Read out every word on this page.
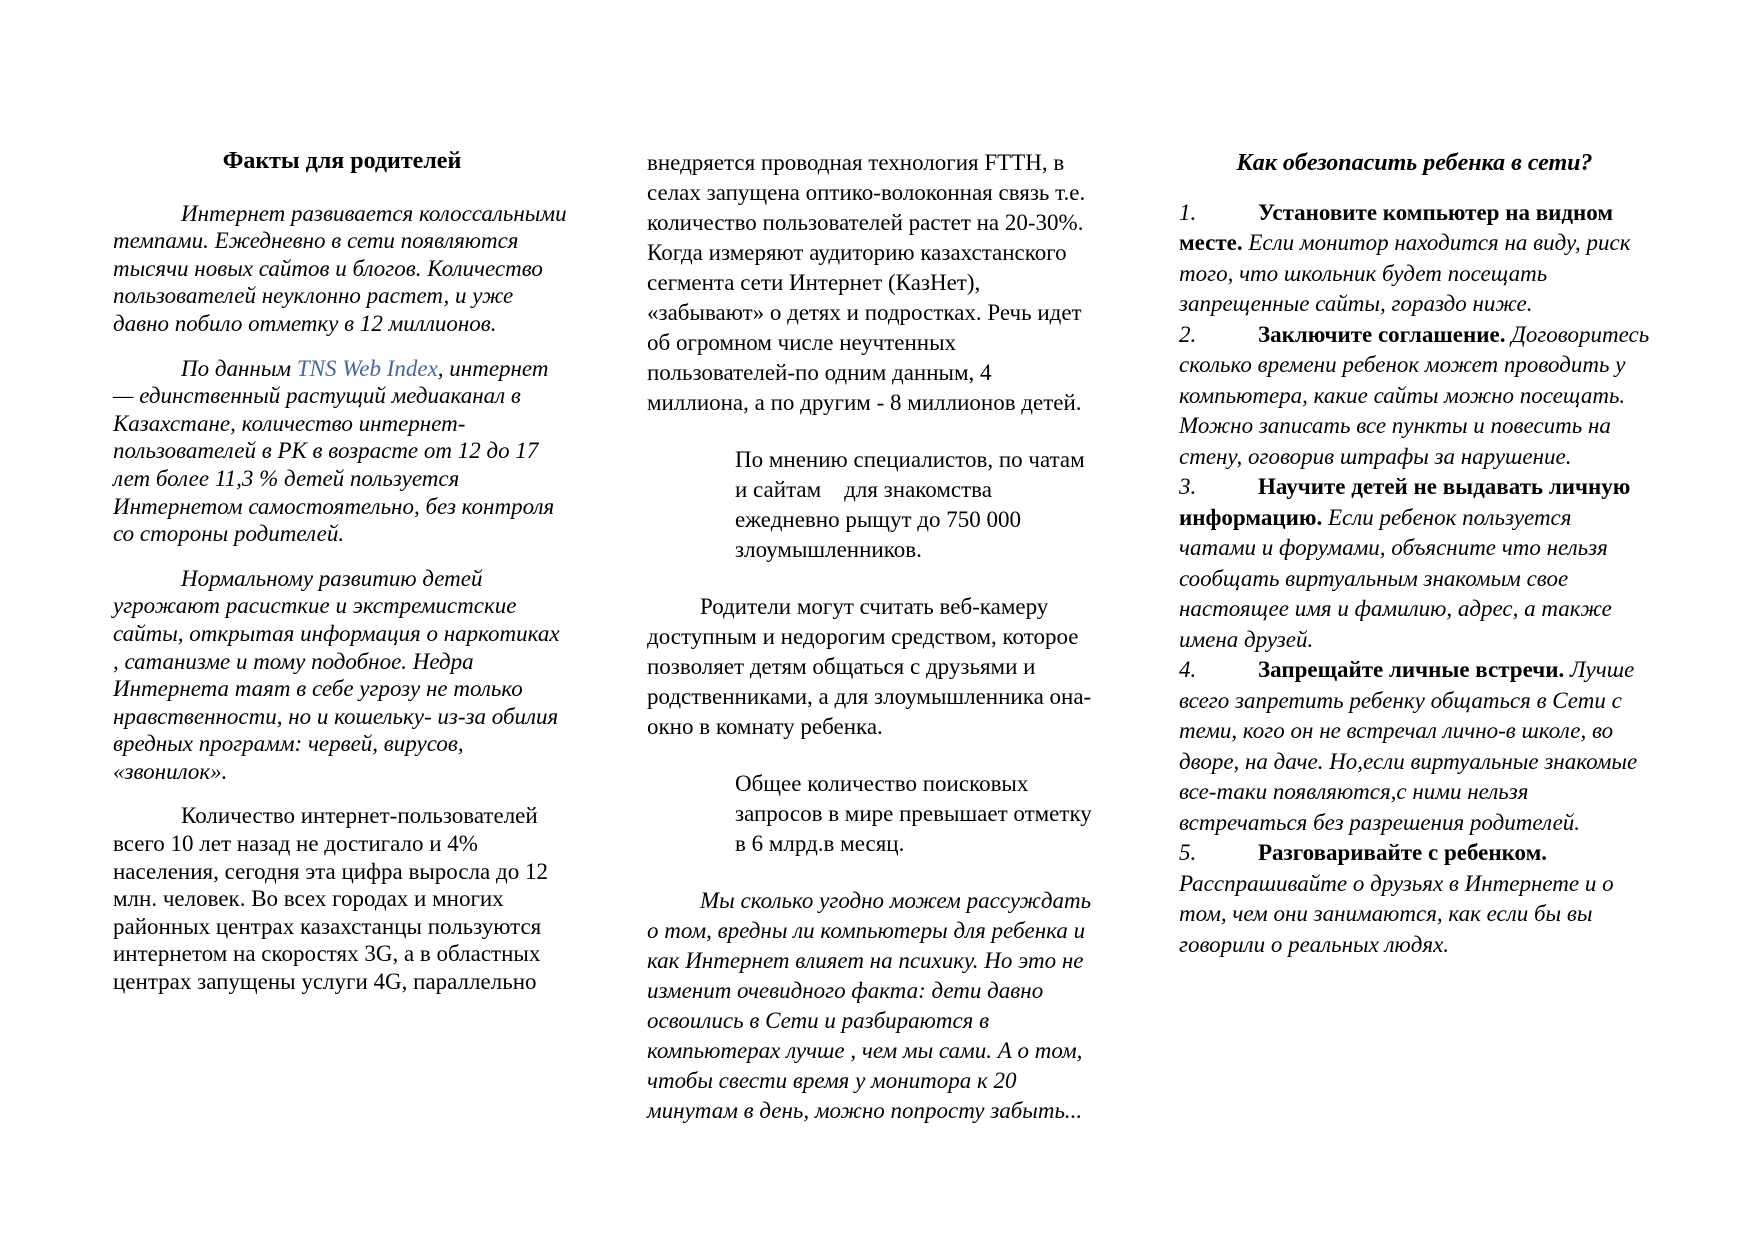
Факты для родителей

Интернет развивается колоссальными темпами. Ежедневно в сети появляются тысячи новых сайтов и блогов. Количество пользователей неуклонно растет, и уже давно побило отметку в 12 миллионов.

По данным TNS Web Index, интернет — единственный растущий медиаканал в Казахстане, количество интернет-пользователей в РК в возрасте от 12 до 17 лет более 11,3 % детей пользуется Интернетом самостоятельно, без контроля со стороны родителей.

Нормальному развитию детей угрожают расисткие и экстремистские сайты, открытая информация о наркотиках , сатанизме и тому подобное. Недра Интернета таят в себе угрозу не только нравственности, но и кошельку- из-за обилия вредных программ: червей, вирусов, «звонилок».

Количество интернет-пользователей всего 10 лет назад не достигало и 4% населения, сегодня эта цифра выросла до 12 млн. человек. Во всех городах и многих районных центрах казахстанцы пользуются интернетом на скоростях 3G, а в областных центрах запущены услуги 4G, параллельно

внедряется проводная технология FTTH, в селах запущена оптико-волоконная связь т.е. количество пользователей растет на 20-30%. Когда измеряют аудиторию казахстанского сегмента сети Интернет (КазНет), «забывают» о детях и подростках. Речь идет об огромном числе неучтенных пользователей-по одним данным, 4 миллиона, а по другим - 8 миллионов детей.

По мнению специалистов, по чатам и сайтам    для знакомства ежедневно рыщут до 750 000 злоумышленников.

Родители могут считать веб-камеру доступным и недорогим средством, которое позволяет детям общаться с друзьями и родственниками, а для злоумышленника она- окно в комнату ребенка.

Общее количество поисковых запросов в мире превышает отметку в 6 млрд.в месяц.

Мы сколько угодно можем рассуждать о том, вредны ли компьютеры для ребенка и как Интернет влияет на психику. Но это не изменит очевидного факта: дети давно освоились в Сети и разбираются в компьютерах лучше , чем мы сами. А о том, чтобы свести время у монитора к 20 минутам в день, можно попросту забыть...

Как обезопасить ребенка в сети?

1.	Установите компьютер на видном месте. Если монитор находится на виду, риск того, что школьник будет посещать запрещенные сайты, гораздо ниже.

2.	Заключите соглашение. Договоритесь сколько времени ребенок может проводить у компьютера, какие сайты можно посещать. Можно записать все пункты и повесить на стену, оговорив штрафы за нарушение.

3.	Научите детей не выдавать личную информацию. Если ребенок пользуется чатами и форумами, объясните что нельзя сообщать виртуальным знакомым свое настоящее имя и фамилию, адрес, а также имена друзей.

4.	Запрещайте личные встречи. Лучше всего запретить ребенку общаться в Сети с теми, кого он не встречал лично-в школе, во дворе, на даче. Но,если виртуальные знакомые все-таки появляются,с ними нельзя встречаться без разрешения родителей.

5.	Разговаривайте с ребенком. Расспрашивайте о друзьях в Интернете и о том, чем они занимаются, как если бы вы говорили о реальных людях.
